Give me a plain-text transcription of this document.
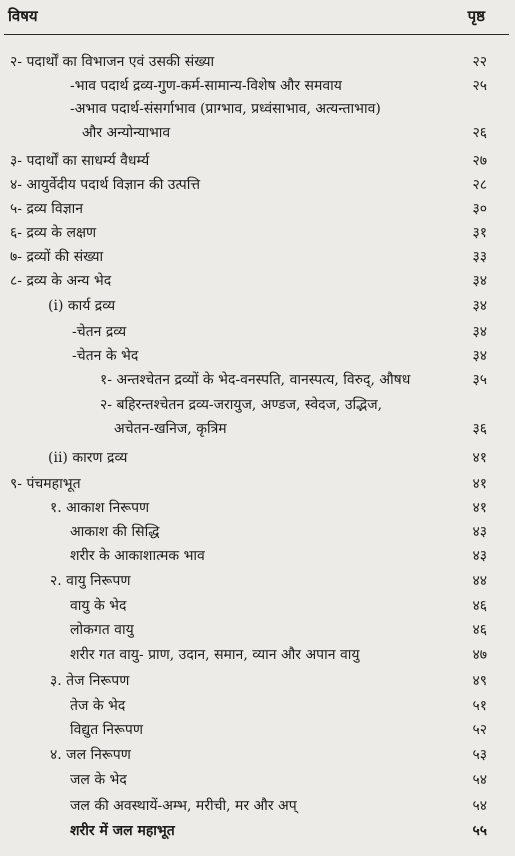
विषय	पृष्ठ
२- पदार्थों का विभाजन एवं उसकी संख्या	२२
-भाव पदार्थ द्रव्य-गुण-कर्म-सामान्य-विशेष और समवाय	२५
-अभाव पदार्थ-संसर्गाभाव (प्राग्भाव, प्रध्वंसाभाव, अत्यन्ताभाव)
और अन्योन्याभाव	२६
३- पदार्थों का साधर्म्य वैधर्म्य	२७
४- आयुर्वेदीय पदार्थ विज्ञान की उत्पत्ति	२८
५- द्रव्य विज्ञान	३०
६- द्रव्य के लक्षण	३१
७- द्रव्यों की संख्या	३३
८- द्रव्य के अन्य भेद	३४
(i) कार्य द्रव्य	३४
-चेतन द्रव्य	३४
-चेतन के भेद	३४
१- अन्तश्चेतन द्रव्यों के भेद-वनस्पति, वानस्पत्य, विरुद्, औषध	३५
२- बहिरन्तश्चेतन द्रव्य-जरायुज, अण्डज, स्वेदज, उद्भिज,
अचेतन-खनिज, कृत्रिम	३६
(ii) कारण द्रव्य	४१
९- पंचमहाभूत	४१
१. आकाश निरूपण	४१
आकाश की सिद्धि	४३
शरीर के आकाशात्मक भाव	४३
२. वायु निरूपण	४४
वायु के भेद	४६
लोकगत वायु	४६
शरीर गत वायु- प्राण, उदान, समान, व्यान और अपान वायु	४७
३. तेज निरूपण	४९
तेज के भेद	५१
विद्युत निरूपण	५२
४. जल निरूपण	५३
जल के भेद	५४
जल की अवस्थायें-अम्भ, मरीची, मर और अप्	५४
शरीर में जल महाभूत	५५
